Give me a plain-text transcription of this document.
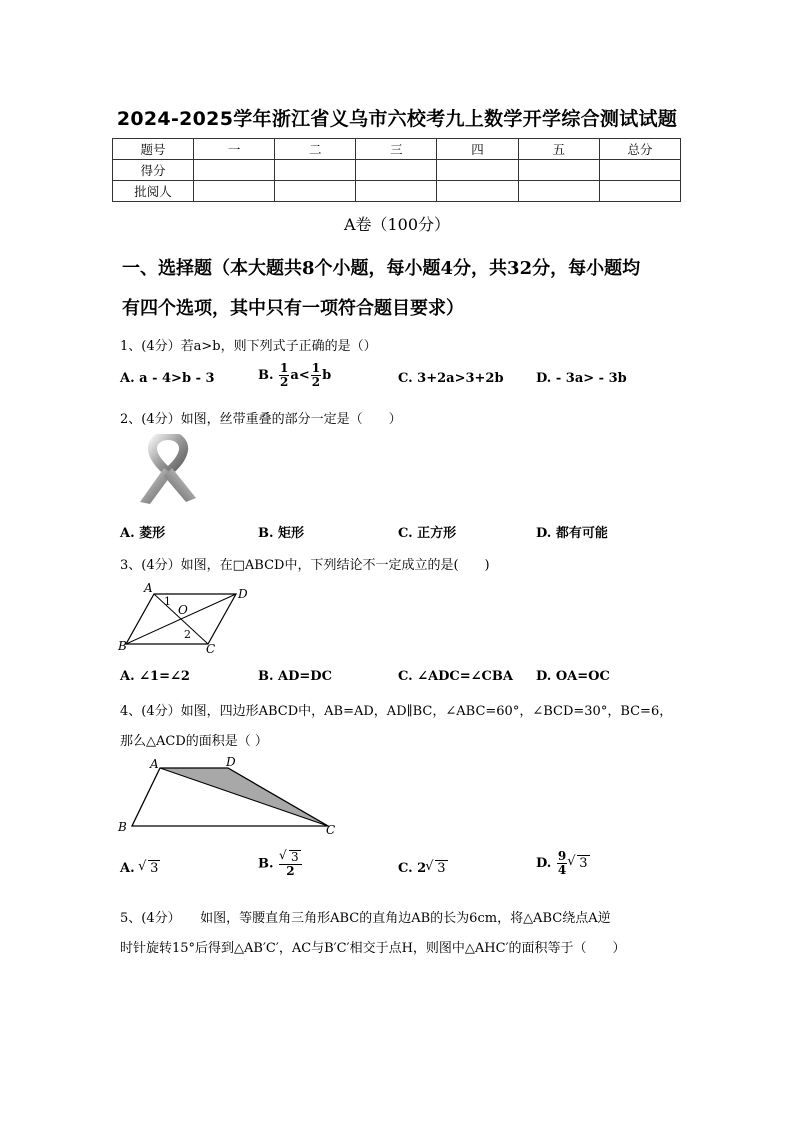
2024-2025学年浙江省义乌市六校考九上数学开学综合测试试题
题号	一	二	三	四	五	总分
得分						
批阅人						
A卷（100分）
一、选择题（本大题共8个小题，每小题4分，共32分，每小题均
有四个选项，其中只有一项符合题目要求）
1、(4分）若a>b，则下列式子正确的是（）
A. a - 4>b - 3	B. $\frac{1}{2} a< \frac{1}{2}$ b	C. 3+2a>3+2b D. - 3a> - 3b
2、(4分）如图，丝带重叠的部分一定是（　　）
A. 菱形	B. 矩形	C. 正方形	D. 都有可能
3、(4分）如图，在□ABCD中，下列结论不一定成立的是(　　)
A	D
B	C
O
1
2
A. ∠1=∠2	B. AD=DC	C. ∠ADC=∠CBA D. OA=OC
4、(4分）如图，四边形ABCD中，AB=AD，AD∥BC，∠ABC=60°，∠BCD=30°，BC=6，
那么△ACD的面积是（ ）
A	D
B	C
A. √ 3	B. √ $\frac{3}{2}$	C. 2 √ 3	D. $\frac{9}{4}$ √ 3
5、(4分）　　如图，等腰直角三角形ABC的直角边AB的长为6cm，将△ABC绕点A逆
时针旋转15°后得到△AB′C′，AC与B′C′相交于点H，则图中△AHC′的面积等于（　　）
